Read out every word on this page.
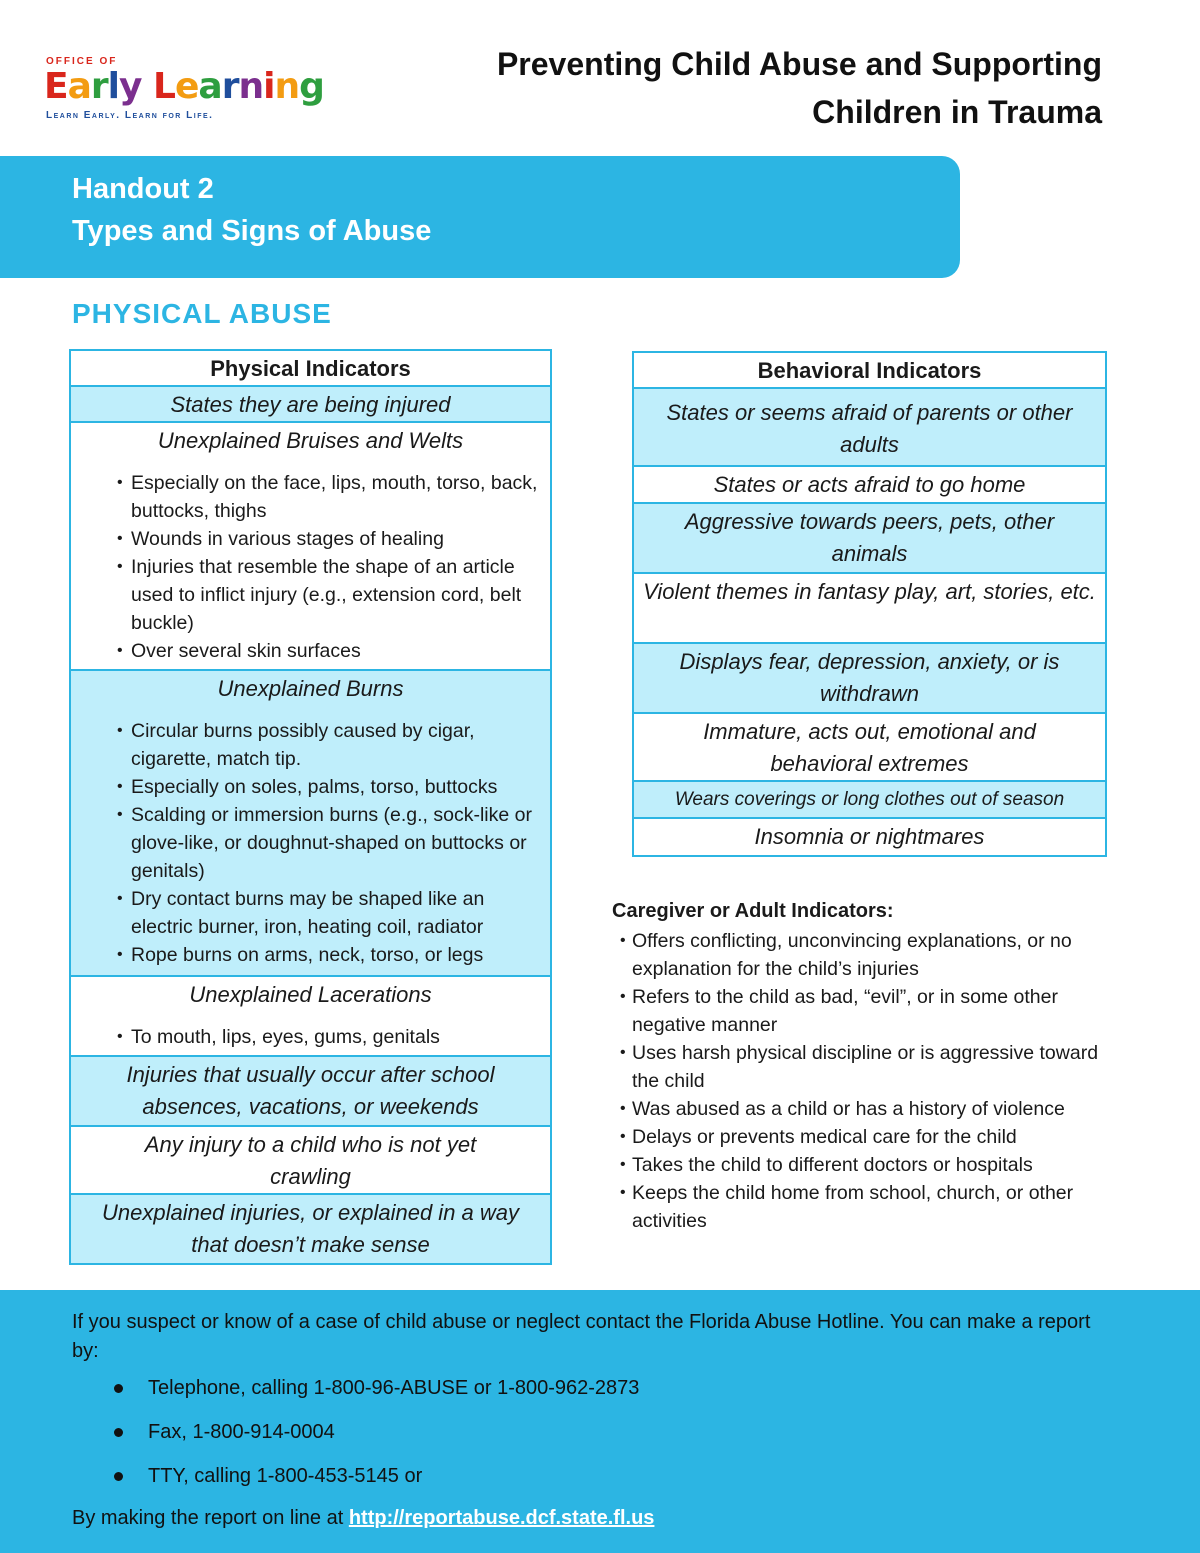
OFFICE OF
Early Learning
Learn Early. Learn for Life.
Preventing Child Abuse and Supporting
Children in Trauma
Handout 2
Types and Signs of Abuse
PHYSICAL ABUSE
Physical Indicators
States they are being injured
Unexplained Bruises and Welts
• Especially on the face, lips, mouth, torso, back, buttocks, thighs
• Wounds in various stages of healing
• Injuries that resemble the shape of an article used to inflict injury (e.g., extension cord, belt buckle)
• Over several skin surfaces
Unexplained Burns
• Circular burns possibly caused by cigar, cigarette, match tip.
• Especially on soles, palms, torso, buttocks
• Scalding or immersion burns (e.g., sock-like or glove-like, or doughnut-shaped on buttocks or genitals)
• Dry contact burns may be shaped like an electric burner, iron, heating coil, radiator
• Rope burns on arms, neck, torso, or legs
Unexplained Lacerations
• To mouth, lips, eyes, gums, genitals
Injuries that usually occur after school absences, vacations, or weekends
Any injury to a child who is not yet crawling
Unexplained injuries, or explained in a way that doesn’t make sense
Behavioral Indicators
States or seems afraid of parents or other adults
States or acts afraid to go home
Aggressive towards peers, pets, other animals
Violent themes in fantasy play, art, stories, etc.
Displays fear, depression, anxiety, or is withdrawn
Immature, acts out, emotional and behavioral extremes
Wears coverings or long clothes out of season
Insomnia or nightmares
Caregiver or Adult Indicators:
• Offers conflicting, unconvincing explanations, or no explanation for the child’s injuries
• Refers to the child as bad, “evil”, or in some other negative manner
• Uses harsh physical discipline or is aggressive toward the child
• Was abused as a child or has a history of violence
• Delays or prevents medical care for the child
• Takes the child to different doctors or hospitals
• Keeps the child home from school, church, or other activities
If you suspect or know of a case of child abuse or neglect contact the Florida Abuse Hotline. You can make a report by:
Telephone, calling 1-800-96-ABUSE or 1-800-962-2873
Fax, 1-800-914-0004
TTY, calling 1-800-453-5145 or
By making the report on line at http://reportabuse.dcf.state.fl.us
